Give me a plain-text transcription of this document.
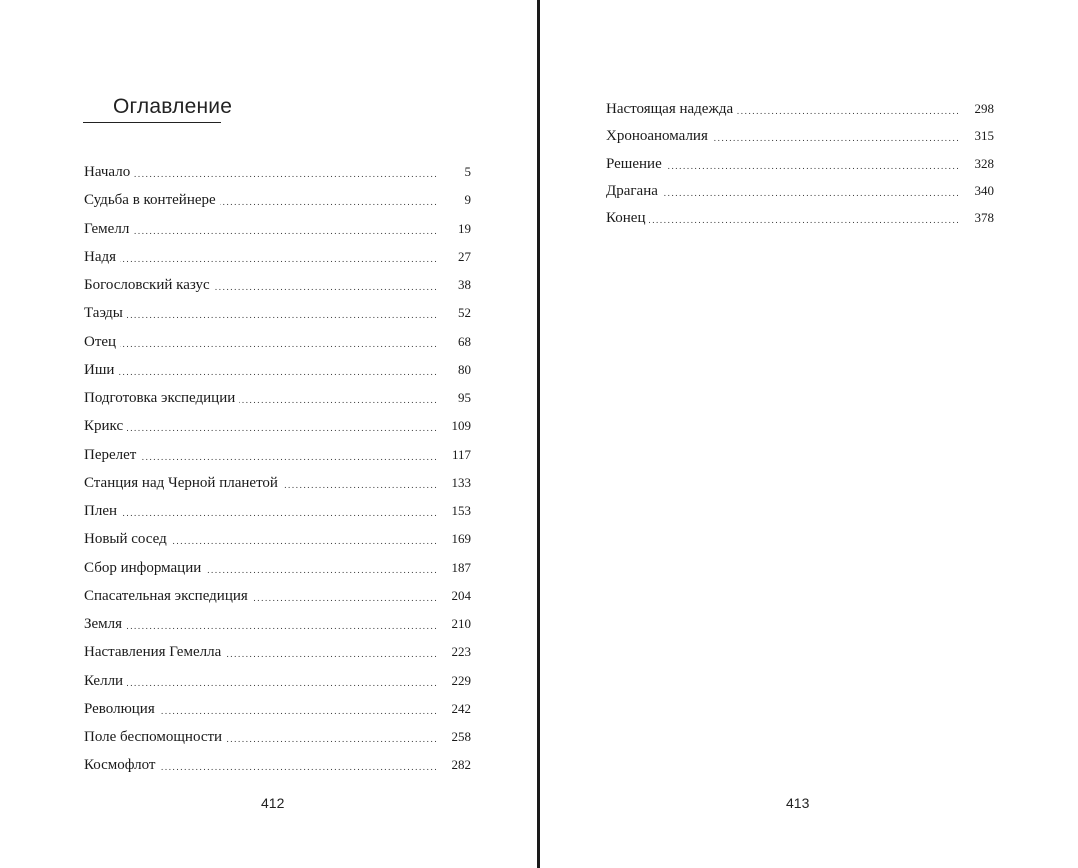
Оглавление
.....
Начало	5
.....
Судьба в контейнере	9
.....
Гемелл	19
.....
Надя	27
.....
Богословский казус	38
.....
Таэды	52
.....
Отец	68
.....
Иши	80
.....
Подготовка экспедиции	95
.....
Крикс	109
.....
Перелет	117
.....
Станция над Черной планетой	133
.....
Плен	153
.....
Новый сосед	169
.....
Сбор информации	187
.....
Спасательная экспедиция	204
.....
Земля	210
.....
Наставления Гемелла	223
.....
Келли	229
.....
Революция	242
.....
Поле беспомощности	258
.....
Космофлот	282
412
.....
Настоящая надежда	298
.....
Хроноаномалия	315
.....
Решение	328
.....
Драгана	340
.....
Конец	378
413
